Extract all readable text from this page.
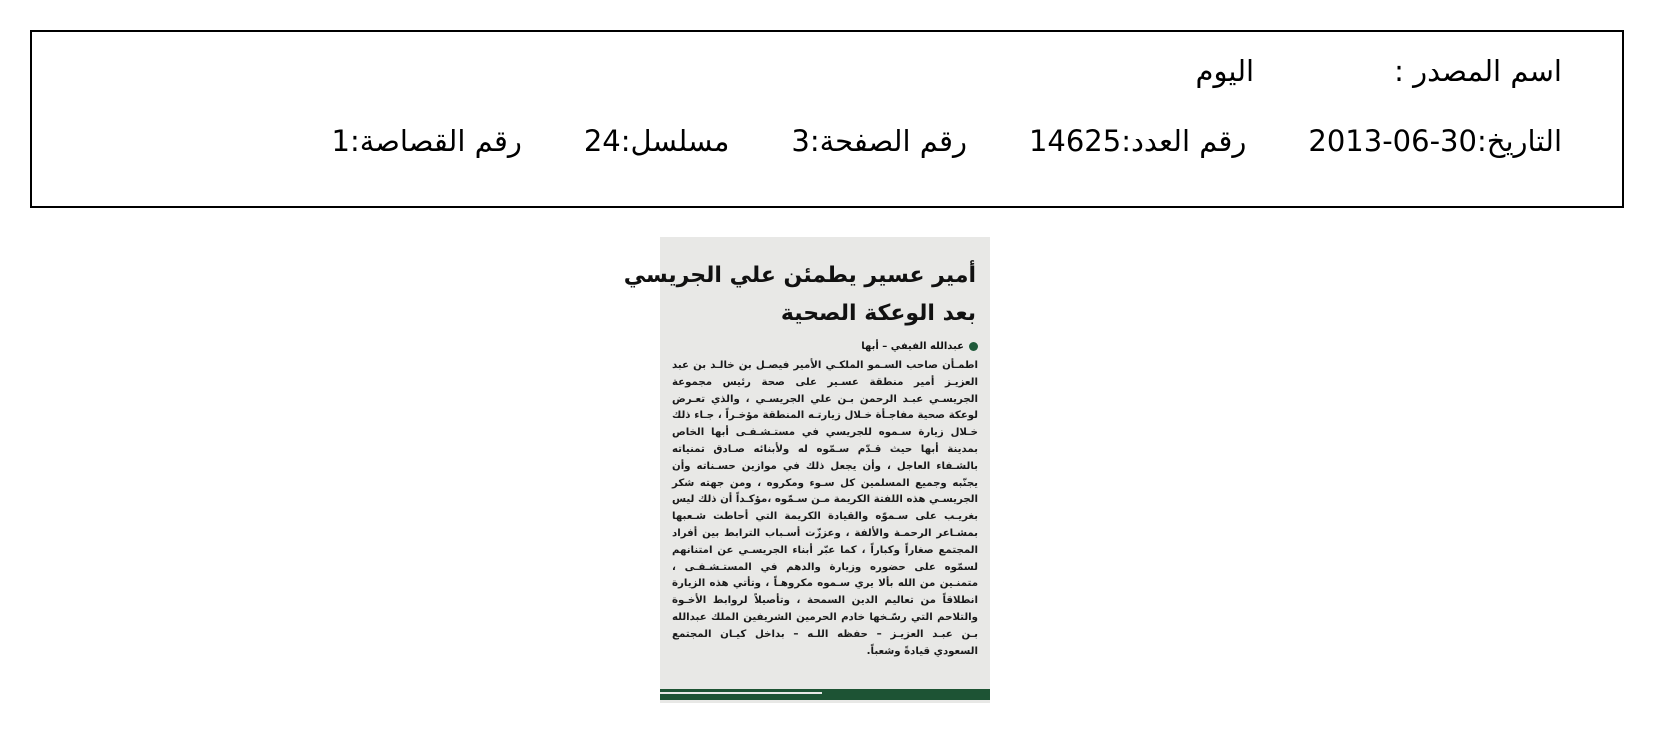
اسم المصدر :
اليوم
التاريخ:
2013-06-30
رقم العدد:
14625
رقم الصفحة:
3
مسلسل:
24
رقم القصاصة:
1
أمير عسير يطمئن علي الجريسي
بعد الوعكة الصحية
عبدالله الفيفي – أبها
اطمـأن صاحب السـمو الملكـي الأمير فيصـل بن خالـد بن عبد العزيـز أمير منطقة عسـير على صحة رئيس مجموعة الجريسـي عبـد الرحمن بـن علي الجريسـي ، والذي تعـرض لوعكة صحية مفاجـأة خـلال زيارتـه المنطقة مؤخـراً ، جـاء ذلك خـلال زيارة سـموه للجريسي في مستـشـفـى أبها الخاص بمدينة أبها حيث قـدّم سـمّوه له ولأبنائه صـادق تمنياته بالشـفاء العاجل ، وأن يجعل ذلك في موازين حسـناته وأن يجنّبه وجميع المسلمين كل سـوء ومكروه ، ومن جهته شكر الجريسـي هذه اللفتة الكريمة مـن سـمّوه ،مؤكـداً أن ذلك ليس بغريـب على سـموّه والقيادة الكريمة التي أحاطت شـعبها بمشـاعر الرحمـة والألفة ، وعززّت أسـباب الترابط بين أفراد المجتمع صغاراً وكباراً ، كما عبّر أبناء الجريسـي عن امتنانهم لسمّوه على حضوره وزيارة والدهم في المستـشـفـى ، متمنـين من الله بألا يري سـموه مكروهـاً ، وتأتي هذه الزيارة انطلاقاً من تعاليم الدين السمحة ، وتأصيلاً لروابط الأخـوة والتلاحم التي رسّـخها خادم الحرمين الشريفين الملك عبدالله بـن عبـد العزيـز – حفظه اللـه – بداخل كيـان المجتمع السعودي قيادةً وشعباً.
